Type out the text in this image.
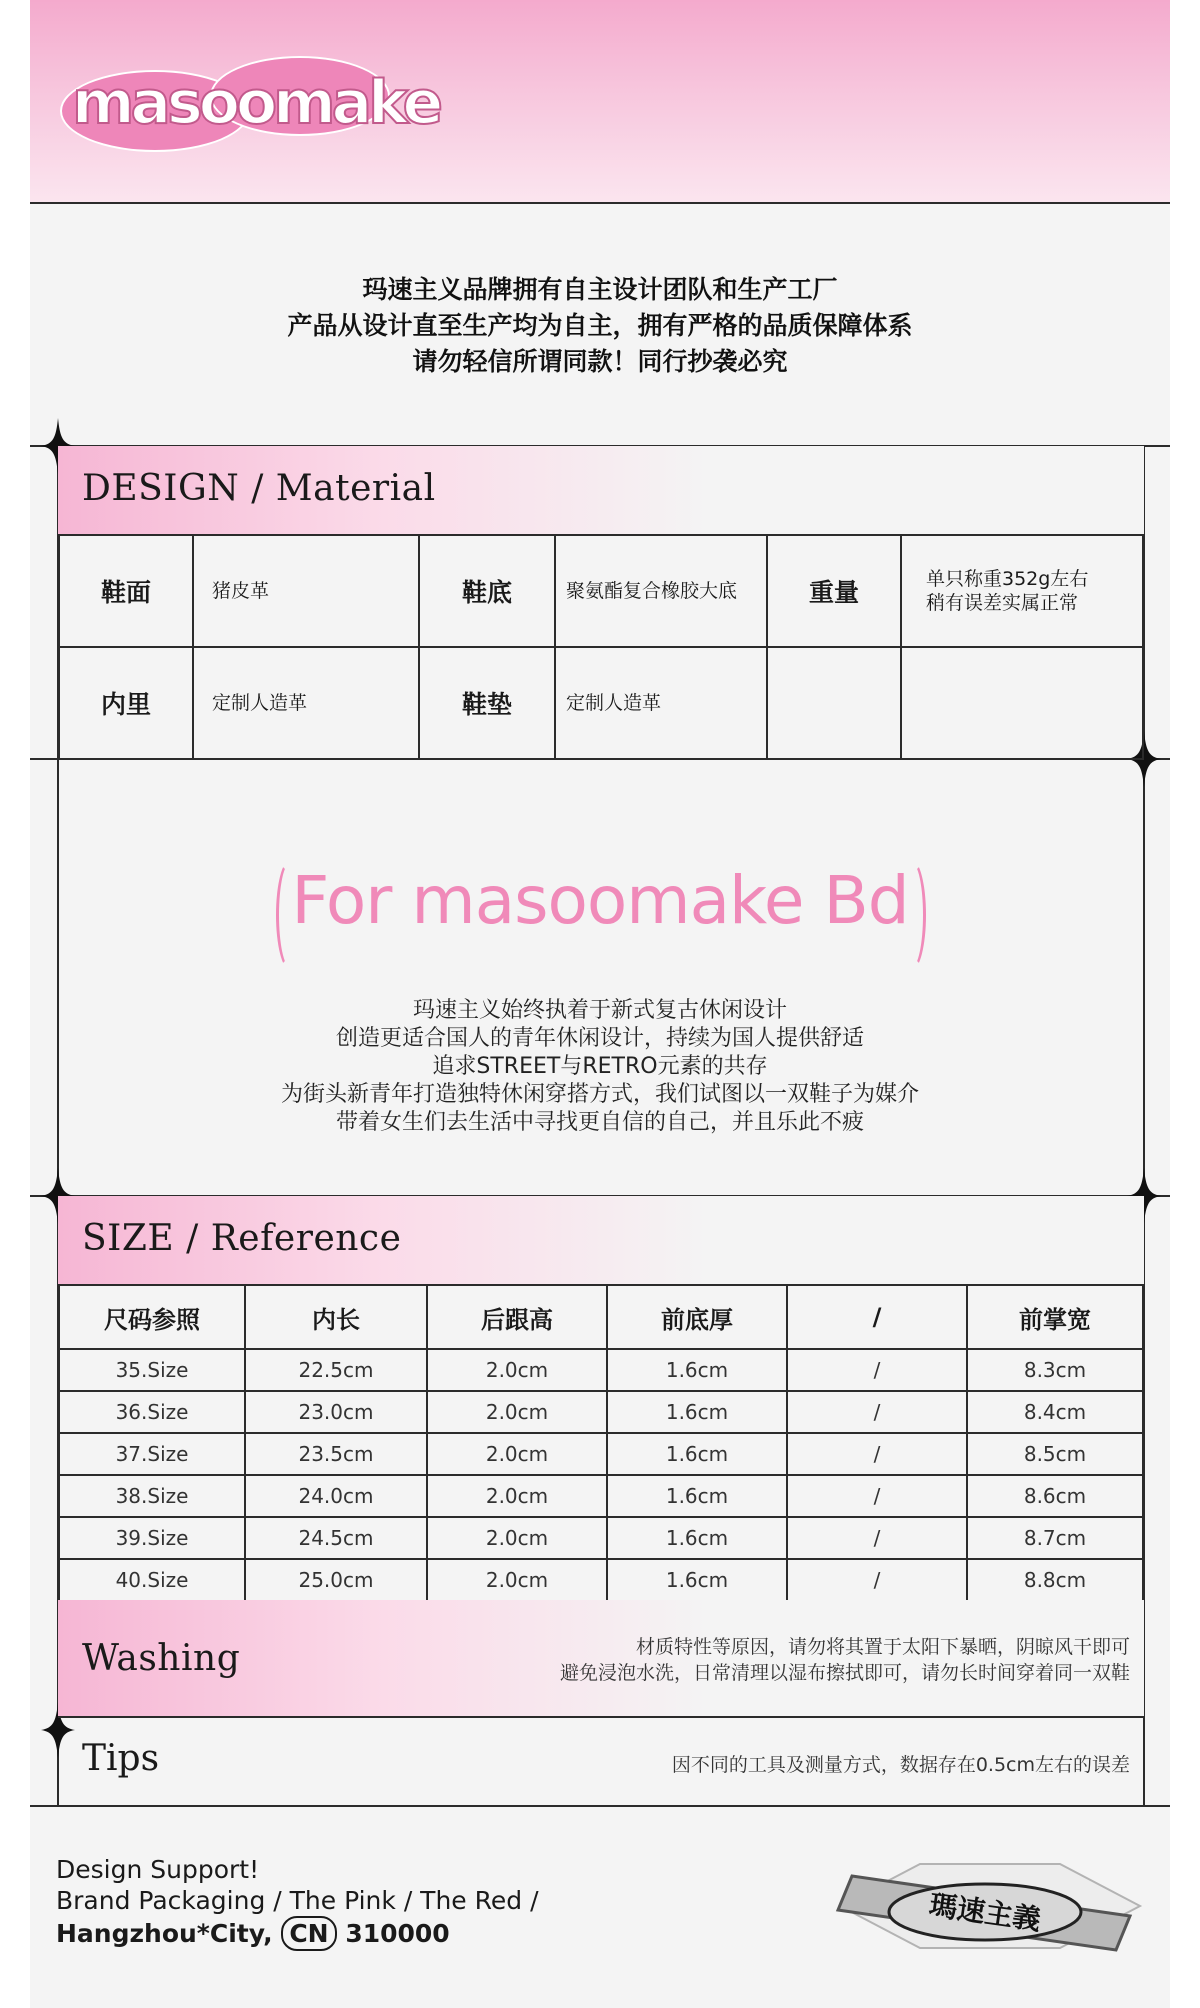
masoomake
玛速主义品牌拥有自主设计团队和生产工厂
产品从设计直至生产均为自主，拥有严格的品质保障体系
请勿轻信所谓同款！同行抄袭必究
DESIGN / Material
鞋面	猪皮革	鞋底	聚氨酯复合橡胶大底	重量	单只称重352g左右
稍有误差实属正常

内里	定制人造革	鞋垫	定制人造革		
For masoomake Bd
玛速主义始终执着于新式复古休闲设计
创造更适合国人的青年休闲设计，持续为国人提供舒适
追求STREET与RETRO元素的共存
为街头新青年打造独特休闲穿搭方式，我们试图以一双鞋子为媒介
带着女生们去生活中寻找更自信的自己，并且乐此不疲
SIZE / Reference
尺码参照	内长	后跟高	前底厚	/	前掌宽
35.Size	22.5cm	2.0cm	1.6cm	/	8.3cm
36.Size	23.0cm	2.0cm	1.6cm	/	8.4cm
37.Size	23.5cm	2.0cm	1.6cm	/	8.5cm
38.Size	24.0cm	2.0cm	1.6cm	/	8.6cm
39.Size	24.5cm	2.0cm	1.6cm	/	8.7cm
40.Size	25.0cm	2.0cm	1.6cm	/	8.8cm
Washing	材质特性等原因，请勿将其置于太阳下暴晒，阴晾风干即可
避免浸泡水洗，日常清理以湿布擦拭即可，请勿长时间穿着同一双鞋
Tips	因不同的工具及测量方式，数据存在0.5cm左右的误差
Design Support!
Brand Packaging / The Pink / The Red /
Hangzhou*City, CN 310000	瑪速主義
